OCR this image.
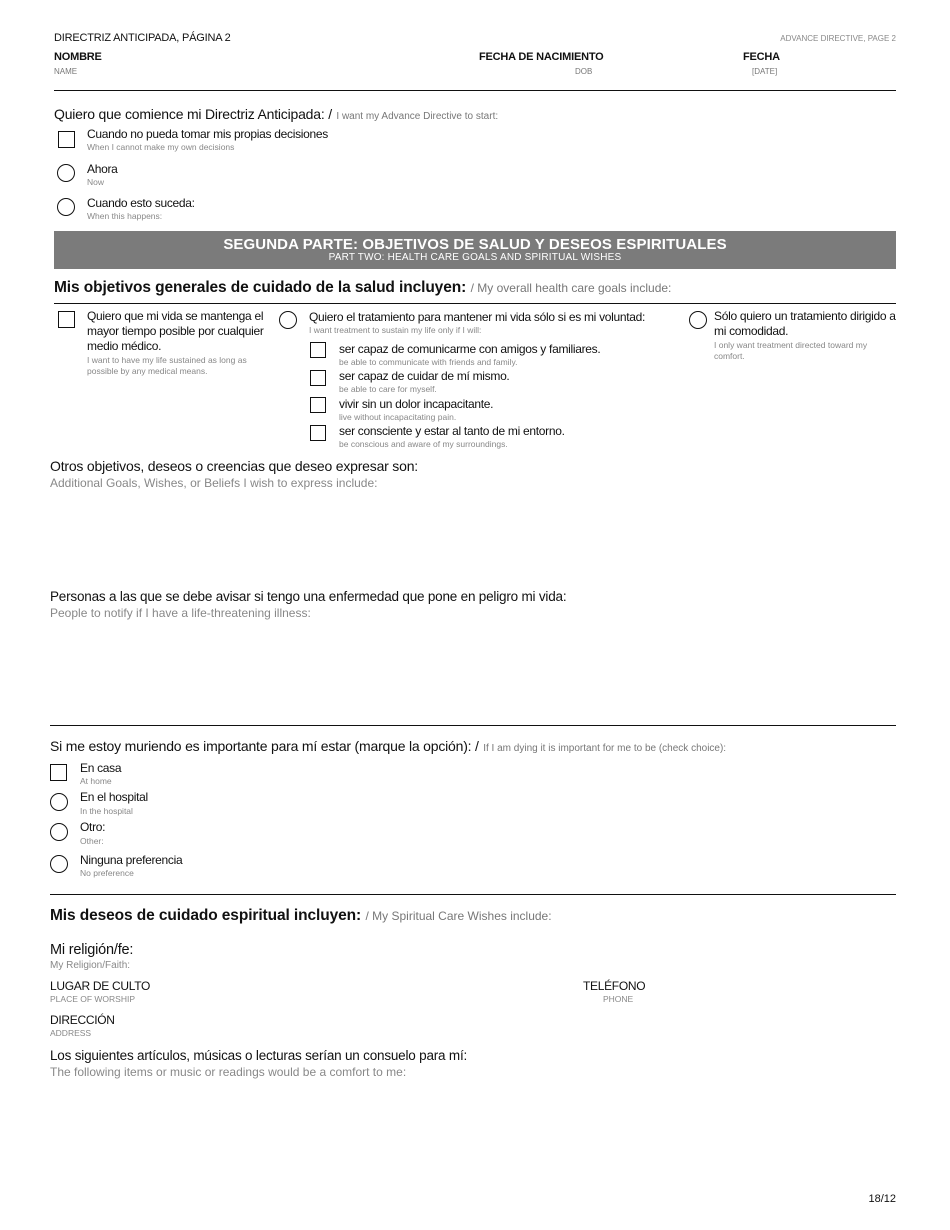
DIRECTRIZ ANTICIPADA, PÁGINA 2	ADVANCE DIRECTIVE, PAGE 2
NOMBRE
NAME
FECHA DE NACIMIENTO
DOB
FECHA
[DATE]
Quiero que comience mi Directriz Anticipada: / I want my Advance Directive to start:
Cuando no pueda tomar mis propias decisiones
When I cannot make my own decisions
Ahora
Now
Cuando esto suceda:
When this happens:
SEGUNDA PARTE: OBJETIVOS DE SALUD Y DESEOS ESPIRITUALES
PART TWO: HEALTH CARE GOALS AND SPIRITUAL WISHES
Mis objetivos generales de cuidado de la salud incluyen: / My overall health care goals include:
Quiero que mi vida se mantenga el mayor tiempo posible por cualquier medio médico.
I want to have my life sustained as long as possible by any medical means.
Quiero el tratamiento para mantener mi vida sólo si es mi voluntad:
I want treatment to sustain my life only if I will:
ser capaz de comunicarme con amigos y familiares.
be able to communicate with friends and family.
ser capaz de cuidar de mí mismo.
be able to care for myself.
vivir sin un dolor incapacitante.
live without incapacitating pain.
ser consciente y estar al tanto de mi entorno.
be conscious and aware of my surroundings.
Sólo quiero un tratamiento dirigido a mi comodidad.
I only want treatment directed toward my comfort.
Otros objetivos, deseos o creencias que deseo expresar son:
Additional Goals, Wishes, or Beliefs I wish to express include:
Personas a las que se debe avisar si tengo una enfermedad que pone en peligro mi vida:
People to notify if I have a life-threatening illness:
Si me estoy muriendo es importante para mí estar (marque la opción): / If I am dying it is important for me to be (check choice):
En casa
At home
En el hospital
In the hospital
Otro:
Other:
Ninguna preferencia
No preference
Mis deseos de cuidado espiritual incluyen: / My Spiritual Care Wishes include:
Mi religión/fe:
My Religion/Faith:
LUGAR DE CULTO
PLACE OF WORSHIP
TELÉFONO
PHONE
DIRECCIÓN
ADDRESS
Los siguientes artículos, músicas o lecturas serían un consuelo para mí:
The following items or music or readings would be a comfort to me:
18/12
